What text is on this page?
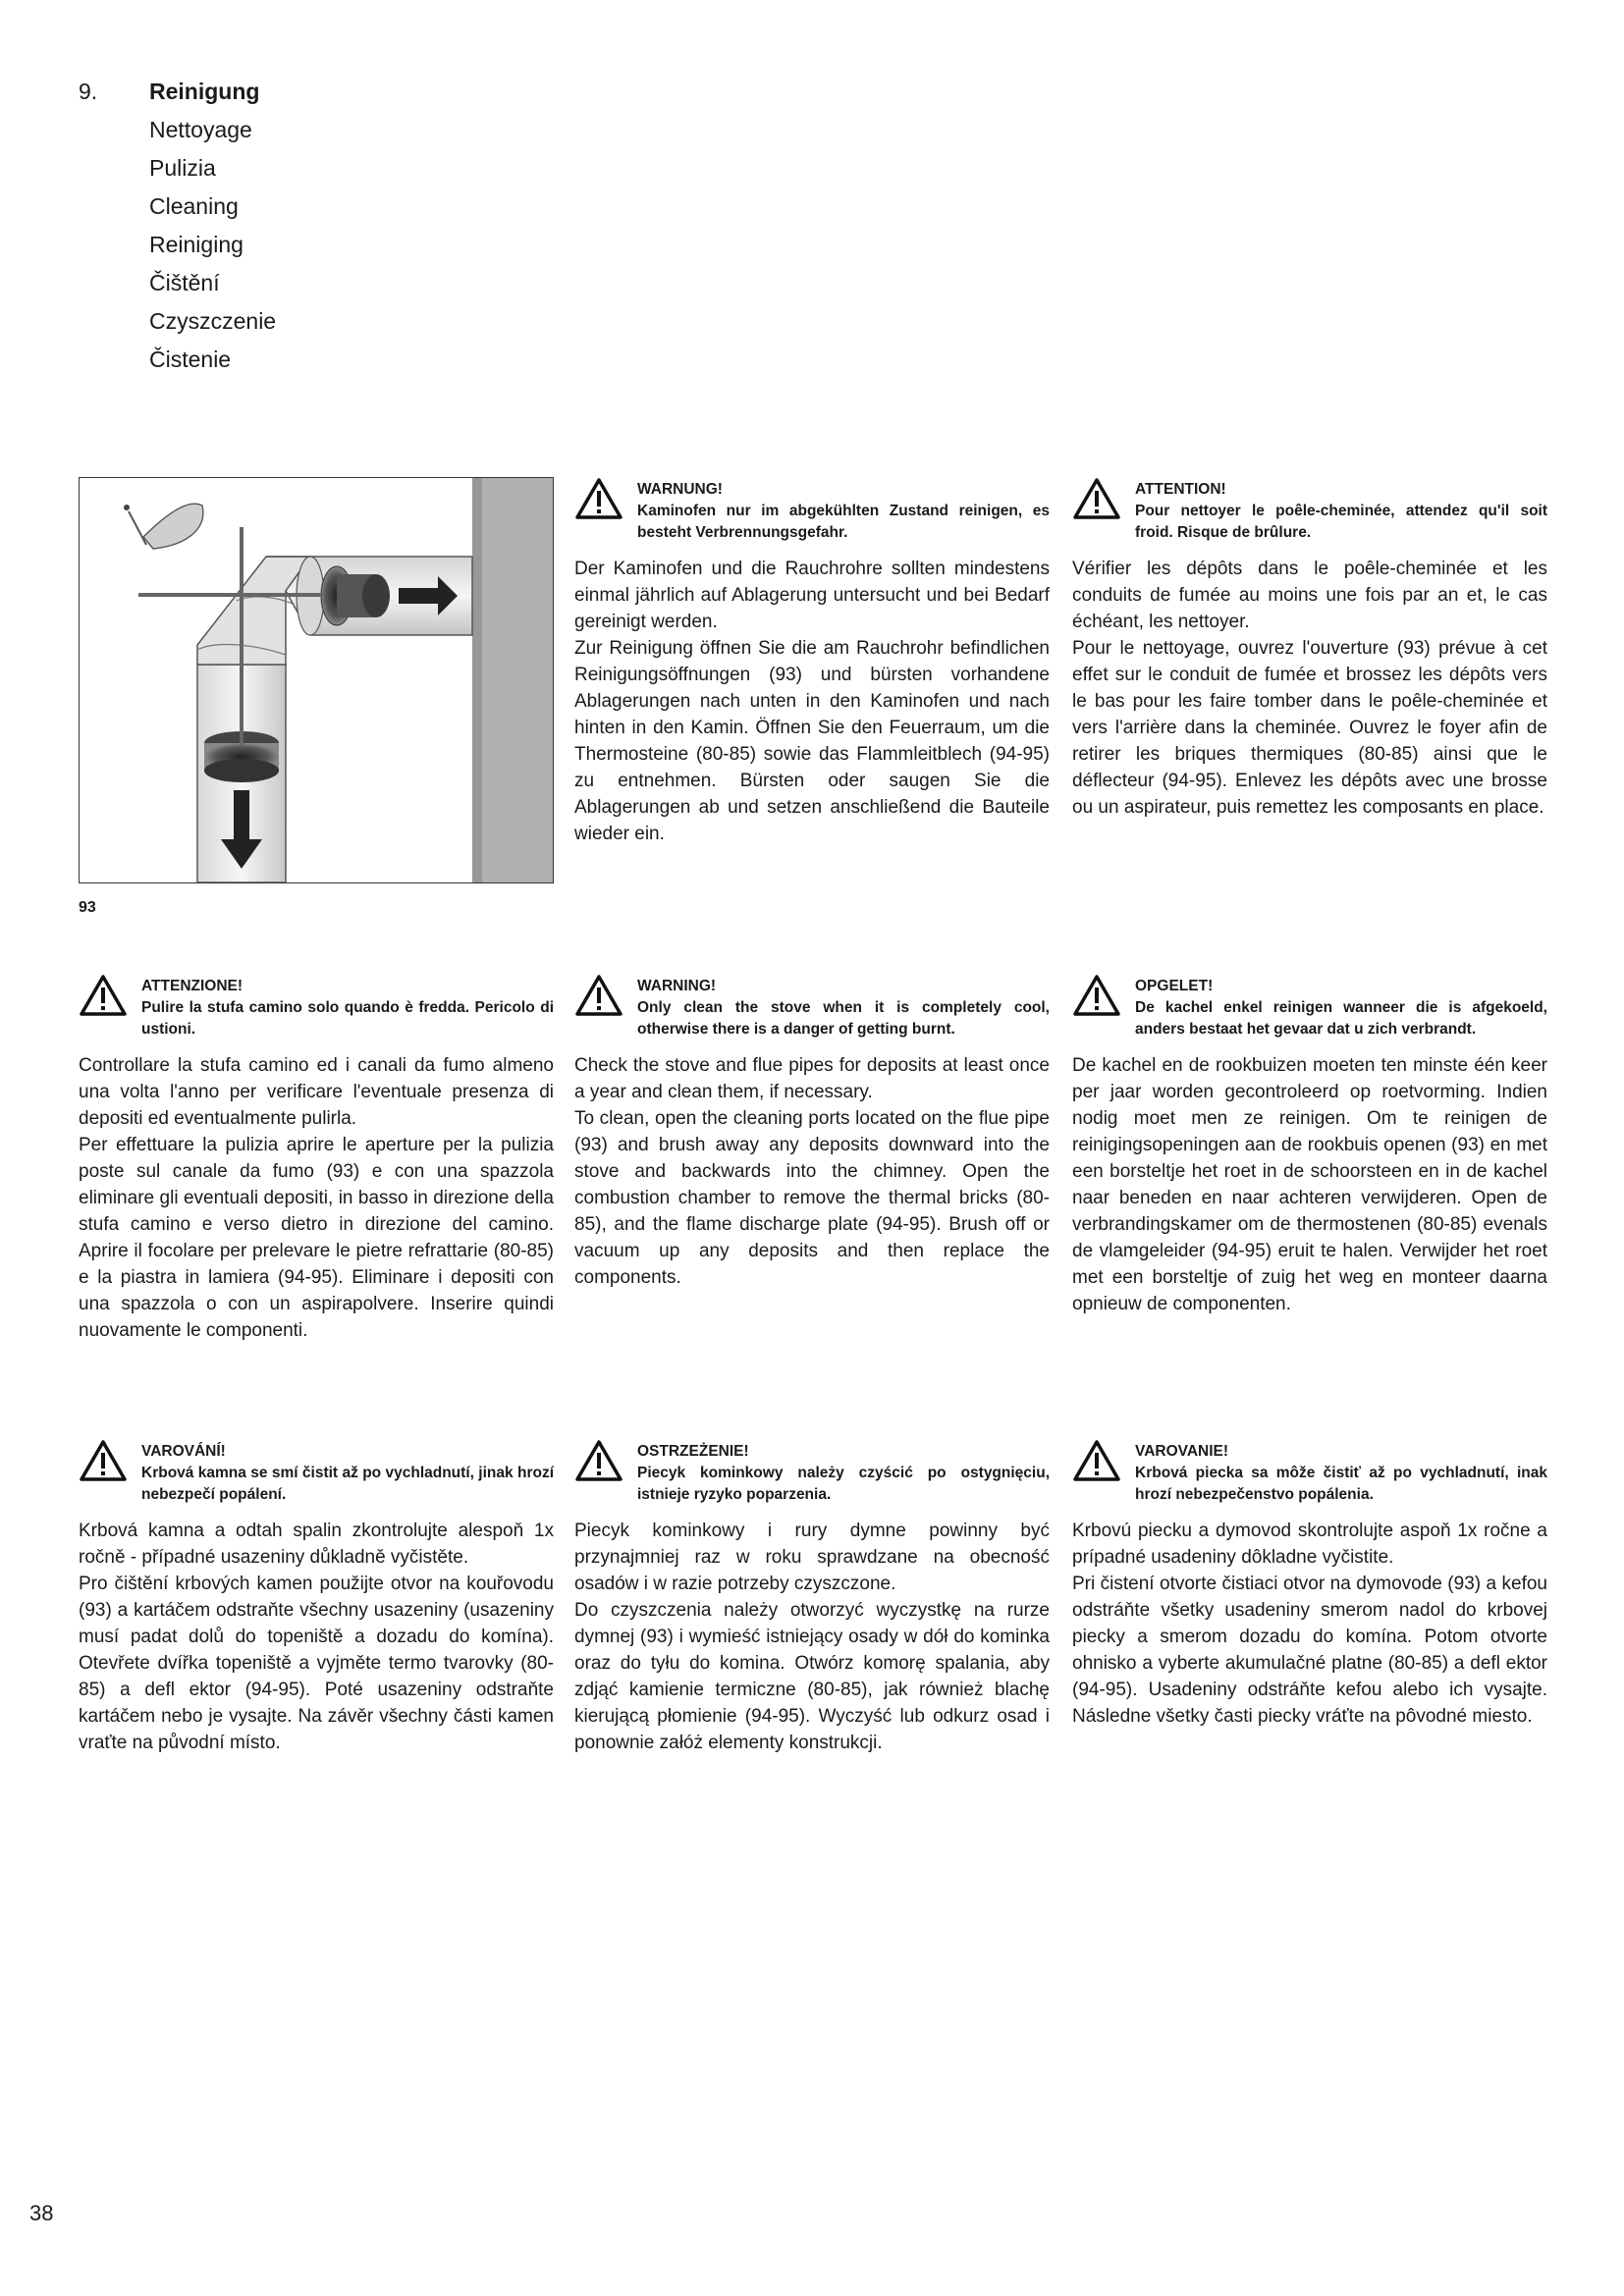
9.	Reinigung
Nettoyage
Pulizia
Cleaning
Reiniging
Čištění
Czyszczenie
Čistenie
93
WARNUNG!
Kaminofen nur im abgekühlten Zustand reinigen, es besteht Verbrennungsgefahr.

Der Kaminofen und die Rauchrohre sollten mindestens einmal jährlich auf Ablagerung untersucht und bei Bedarf gereinigt werden.

Zur Reinigung öffnen Sie die am Rauchrohr befindlichen Reinigungsöffnungen (93) und bürsten vorhandene Ablagerungen nach unten in den Kaminofen und nach hinten in den Kamin. Öffnen Sie den Feuerraum, um die Thermosteine (80-85) sowie das Flammleitblech (94-95) zu entnehmen. Bürsten oder saugen Sie die Ablagerungen ab und setzen anschließend die Bauteile wieder ein.

ATTENTION!
Pour nettoyer le poêle-cheminée, attendez qu'il soit froid. Risque de brûlure.

Vérifier les dépôts dans le poêle-cheminée et les conduits de fumée au moins une fois par an et, le cas échéant, les nettoyer.

Pour le nettoyage, ouvrez l'ouverture (93) prévue à cet effet sur le conduit de fumée et brossez les dépôts vers le bas pour les faire tomber dans le poêle-cheminée et vers l'arrière dans la cheminée. Ouvrez le foyer afin de retirer les briques thermiques (80-85) ainsi que le déflecteur (94-95). Enlevez les dépôts avec une brosse ou un aspirateur, puis remettez les composants en place.

ATTENZIONE!
Pulire la stufa camino solo quando è fredda. Pericolo di ustioni.

Controllare la stufa camino ed i canali da fumo almeno una volta l'anno per verificare l'eventuale presenza di depositi ed eventualmente pulirla.

Per effettuare la pulizia aprire le aperture per la pulizia poste sul canale da fumo (93) e con una spazzola eliminare gli eventuali depositi, in basso in direzione della stufa camino e verso dietro in direzione del camino. Aprire il focolare per prelevare le pietre refrattarie (80-85) e la piastra in lamiera (94-95). Eliminare i depositi con una spazzola o con un aspirapolvere. Inserire quindi nuovamente le componenti.

WARNING!
Only clean the stove when it is completely cool, otherwise there is a danger of getting burnt.

Check the stove and flue pipes for deposits at least once a year and clean them, if necessary.

To clean, open the cleaning ports located on the flue pipe (93) and brush away any deposits downward into the stove and backwards into the chimney. Open the combustion chamber to remove the thermal bricks (80-85), and the flame discharge plate (94-95). Brush off or vacuum up any deposits and then replace the components.

OPGELET!
De kachel enkel reinigen wanneer die is afgekoeld, anders bestaat het gevaar dat u zich verbrandt.

De kachel en de rookbuizen moeten ten minste één keer per jaar worden gecontroleerd op roetvorming. Indien nodig moet men ze reinigen. Om te reinigen de reinigingsopeningen aan de rookbuis openen (93) en met een borsteltje het roet in de schoorsteen en in de kachel naar beneden en naar achteren verwijderen. Open de verbrandingskamer om de thermostenen (80-85) evenals de vlamgeleider (94-95) eruit te halen. Verwijder het roet met een borsteltje of zuig het weg en monteer daarna opnieuw de componenten.

VAROVÁNÍ!
Krbová kamna se smí čistit až po vychladnutí, jinak hrozí nebezpečí popálení.

Krbová kamna a odtah spalin zkontrolujte alespoň 1x ročně - případné usazeniny důkladně vyčistěte.

Pro čištění krbových kamen použijte otvor na kouřovodu (93) a kartáčem odstraňte všechny usazeniny (usazeniny musí padat dolů do topeniště a dozadu do komína). Otevřete dvířka topeniště a vyjměte termo tvarovky (80-85) a defl ektor (94-95). Poté usazeniny odstraňte kartáčem nebo je vysajte. Na závěr všechny části kamen vraťte na původní místo.

OSTRZEŻENIE!
Piecyk kominkowy należy czyścić po ostygnięciu, istnieje ryzyko poparzenia.

Piecyk kominkowy i rury dymne powinny być przynajmniej raz w roku sprawdzane na obecność osadów i w razie potrzeby czyszczone.

Do czyszczenia należy otworzyć wyczystkę na rurze dymnej (93) i wymieść istniejący osady w dół do kominka oraz do tyłu do komina. Otwórz komorę spalania, aby zdjąć kamienie termiczne (80-85), jak również blachę kierującą płomienie (94-95). Wyczyść lub odkurz osad i ponownie załóż elementy konstrukcji.

VAROVANIE!
Krbová piecka sa môže čistiť až po vychladnutí, inak hrozí nebezpečenstvo popálenia.

Krbovú piecku a dymovod skontrolujte aspoň 1x ročne a prípadné usadeniny dôkladne vyčistite.

Pri čistení otvorte čistiaci otvor na dymovode (93) a kefou odstráňte všetky usadeniny smerom nadol do krbovej piecky a smerom dozadu do komína. Potom otvorte ohnisko a vyberte akumulačné platne (80-85) a defl ektor (94-95). Usadeniny odstráňte kefou alebo ich vysajte. Následne všetky časti piecky vráťte na pôvodné miesto.

38
